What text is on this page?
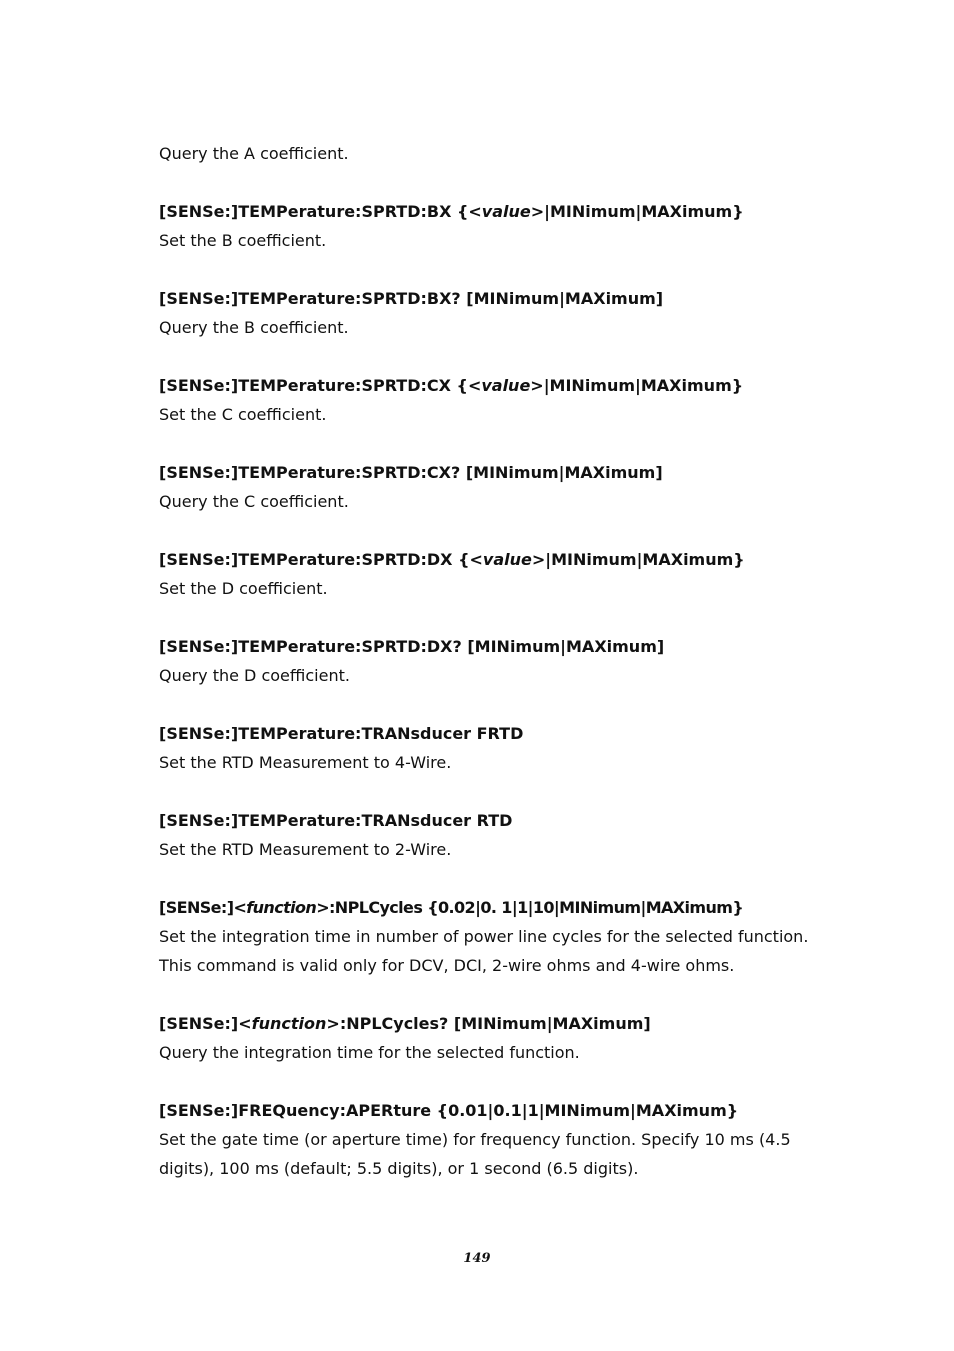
Query the A coefficient.

[SENSe:]TEMPerature:SPRTD:BX {<value>|MINimum|MAXimum}

Set the B coefficient.

[SENSe:]TEMPerature:SPRTD:BX? [MINimum|MAXimum]

Query the B coefficient.

[SENSe:]TEMPerature:SPRTD:CX {<value>|MINimum|MAXimum}

Set the C coefficient.

[SENSe:]TEMPerature:SPRTD:CX? [MINimum|MAXimum]

Query the C coefficient.

[SENSe:]TEMPerature:SPRTD:DX {<value>|MINimum|MAXimum}

Set the D coefficient.

[SENSe:]TEMPerature:SPRTD:DX? [MINimum|MAXimum]

Query the D coefficient.

[SENSe:]TEMPerature:TRANsducer FRTD

Set the RTD Measurement to 4-Wire.

[SENSe:]TEMPerature:TRANsducer RTD

Set the RTD Measurement to 2-Wire.

[SENSe:]<function>:NPLCycles {0.02|0. 1|1|10|MINimum|MAXimum}

Set the integration time in number of power line cycles for the selected function.

This command is valid only for DCV, DCI, 2-wire ohms and 4-wire ohms.

[SENSe:]<function>:NPLCycles? [MINimum|MAXimum]

Query the integration time for the selected function.

[SENSe:]FREQuency:APERture {0.01|0.1|1|MINimum|MAXimum}

Set the gate time (or aperture time) for frequency function. Specify 10 ms (4.5

digits), 100 ms (default; 5.5 digits), or 1 second (6.5 digits).

149
